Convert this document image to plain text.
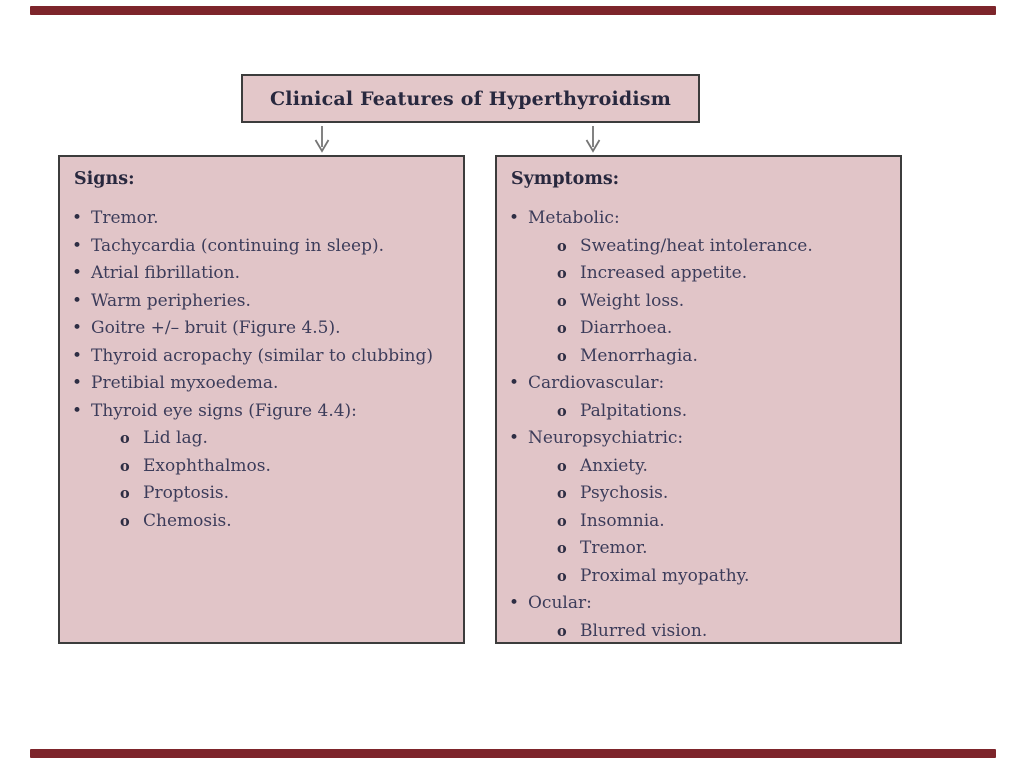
Clinical Features of Hyperthyroidism
Signs:
• Tremor.
• Tachycardia (continuing in sleep).
• Atrial fibrillation.
• Warm peripheries.
• Goitre +/– bruit (Figure 4.5).
• Thyroid acropachy (similar to clubbing)
• Pretibial myxoedema.
• Thyroid eye signs (Figure 4.4):
o Lid lag.
o Exophthalmos.
o Proptosis.
o Chemosis.
Symptoms:
• Metabolic:
o Sweating/heat intolerance.
o Increased appetite.
o Weight loss.
o Diarrhoea.
o Menorrhagia.
• Cardiovascular:
o Palpitations.
• Neuropsychiatric:
o Anxiety.
o Psychosis.
o Insomnia.
o Tremor.
o Proximal myopathy.
• Ocular:
o Blurred vision.
